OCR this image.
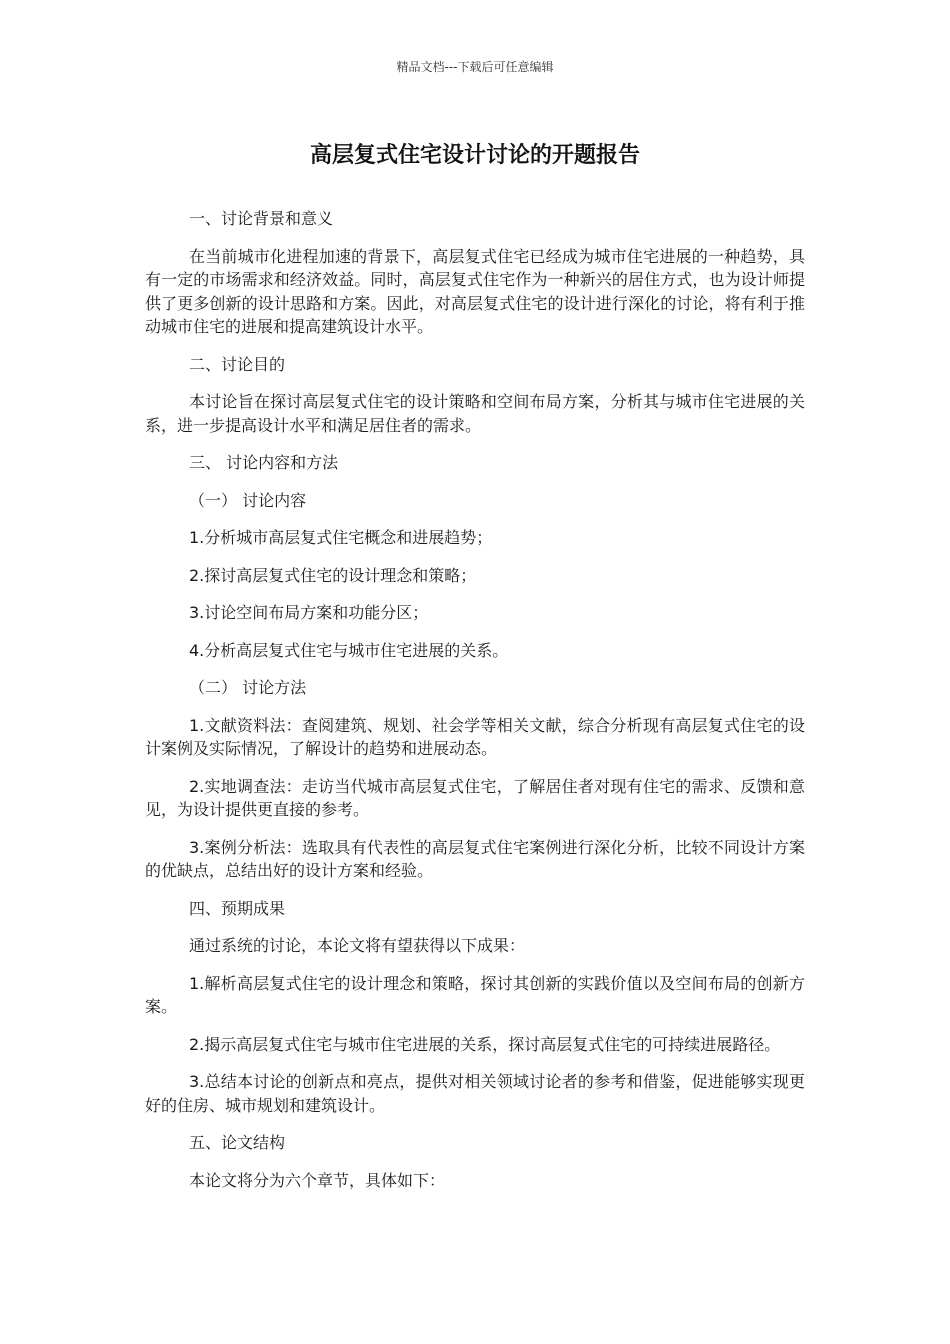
精品文档---下载后可任意编辑
高层复式住宅设计讨论的开题报告

一、讨论背景和意义

在当前城市化进程加速的背景下，高层复式住宅已经成为城市住宅进展的一种趋势，具有一定的市场需求和经济效益。同时，高层复式住宅作为一种新兴的居住方式，也为设计师提供了更多创新的设计思路和方案。因此，对高层复式住宅的设计进行深化的讨论，将有利于推动城市住宅的进展和提高建筑设计水平。

二、讨论目的

本讨论旨在探讨高层复式住宅的设计策略和空间布局方案，分析其与城市住宅进展的关系，进一步提高设计水平和满足居住者的需求。

三、 讨论内容和方法

（一） 讨论内容

1.分析城市高层复式住宅概念和进展趋势；

2.探讨高层复式住宅的设计理念和策略；

3.讨论空间布局方案和功能分区；

4.分析高层复式住宅与城市住宅进展的关系。

（二） 讨论方法

1.文献资料法：查阅建筑、规划、社会学等相关文献，综合分析现有高层复式住宅的设计案例及实际情况，了解设计的趋势和进展动态。

2.实地调查法：走访当代城市高层复式住宅，了解居住者对现有住宅的需求、反馈和意见，为设计提供更直接的参考。

3.案例分析法：选取具有代表性的高层复式住宅案例进行深化分析，比较不同设计方案的优缺点，总结出好的设计方案和经验。

四、预期成果

通过系统的讨论，本论文将有望获得以下成果：

1.解析高层复式住宅的设计理念和策略，探讨其创新的实践价值以及空间布局的创新方案。

2.揭示高层复式住宅与城市住宅进展的关系，探讨高层复式住宅的可持续进展路径。

3.总结本讨论的创新点和亮点，提供对相关领域讨论者的参考和借鉴，促进能够实现更好的住房、城市规划和建筑设计。

五、论文结构

本论文将分为六个章节，具体如下：
